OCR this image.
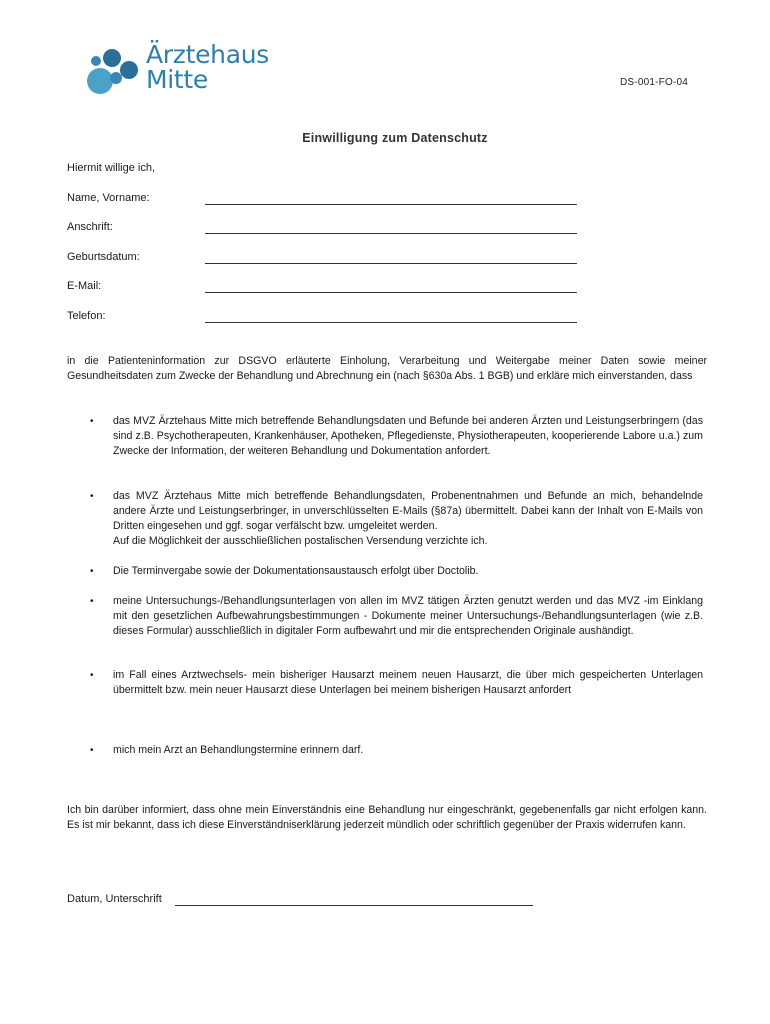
Ärztehaus
Mitte	DS-001-FO-04
Einwilligung zum Datenschutz
Hiermit willige ich,
Name, Vorname:
Anschrift:
Geburtsdatum:
E-Mail:
Telefon:
in die Patienteninformation zur DSGVO erläuterte Einholung, Verarbeitung und Weitergabe meiner Daten sowie meiner Gesundheitsdaten zum Zwecke der Behandlung und Abrechnung ein (nach §630a Abs. 1 BGB) und erkläre mich einverstanden, dass
• das MVZ Ärztehaus Mitte mich betreffende Behandlungsdaten und Befunde bei anderen Ärzten und Leistungserbringern (das sind z.B. Psychotherapeuten, Krankenhäuser, Apotheken, Pflegedienste, Physiotherapeuten, kooperierende Labore u.a.) zum Zwecke der Information, der weiteren Behandlung und Dokumentation anfordert.
• das MVZ Ärztehaus Mitte mich betreffende Behandlungsdaten, Probenentnahmen und Befunde an mich, behandelnde andere Ärzte und Leistungserbringer, in unverschlüsselten E-Mails (§87a) übermittelt. Dabei kann der Inhalt von E-Mails von Dritten eingesehen und ggf. sogar verfälscht bzw. umgeleitet werden.
Auf die Möglichkeit der ausschließlichen postalischen Versendung verzichte ich.
• Die Terminvergabe sowie der Dokumentationsaustausch erfolgt über Doctolib.
• meine Untersuchungs-/Behandlungsunterlagen von allen im MVZ tätigen Ärzten genutzt werden und das MVZ -im Einklang mit den gesetzlichen Aufbewahrungsbestimmungen - Dokumente meiner Untersuchungs-/Behandlungsunterlagen (wie z.B. dieses Formular) ausschließlich in digitaler Form aufbewahrt und mir die entsprechenden Originale aushändigt.
• im Fall eines Arztwechsels- mein bisheriger Hausarzt meinem neuen Hausarzt, die über mich gespeicherten Unterlagen übermittelt bzw. mein neuer Hausarzt diese Unterlagen bei meinem bisherigen Hausarzt anfordert
• mich mein Arzt an Behandlungstermine erinnern darf.
Ich bin darüber informiert, dass ohne mein Einverständnis eine Behandlung nur eingeschränkt, gegebenenfalls gar nicht erfolgen kann. Es ist mir bekannt, dass ich diese Einverständniserklärung jederzeit mündlich oder schriftlich gegenüber der Praxis widerrufen kann.
Datum, Unterschrift
